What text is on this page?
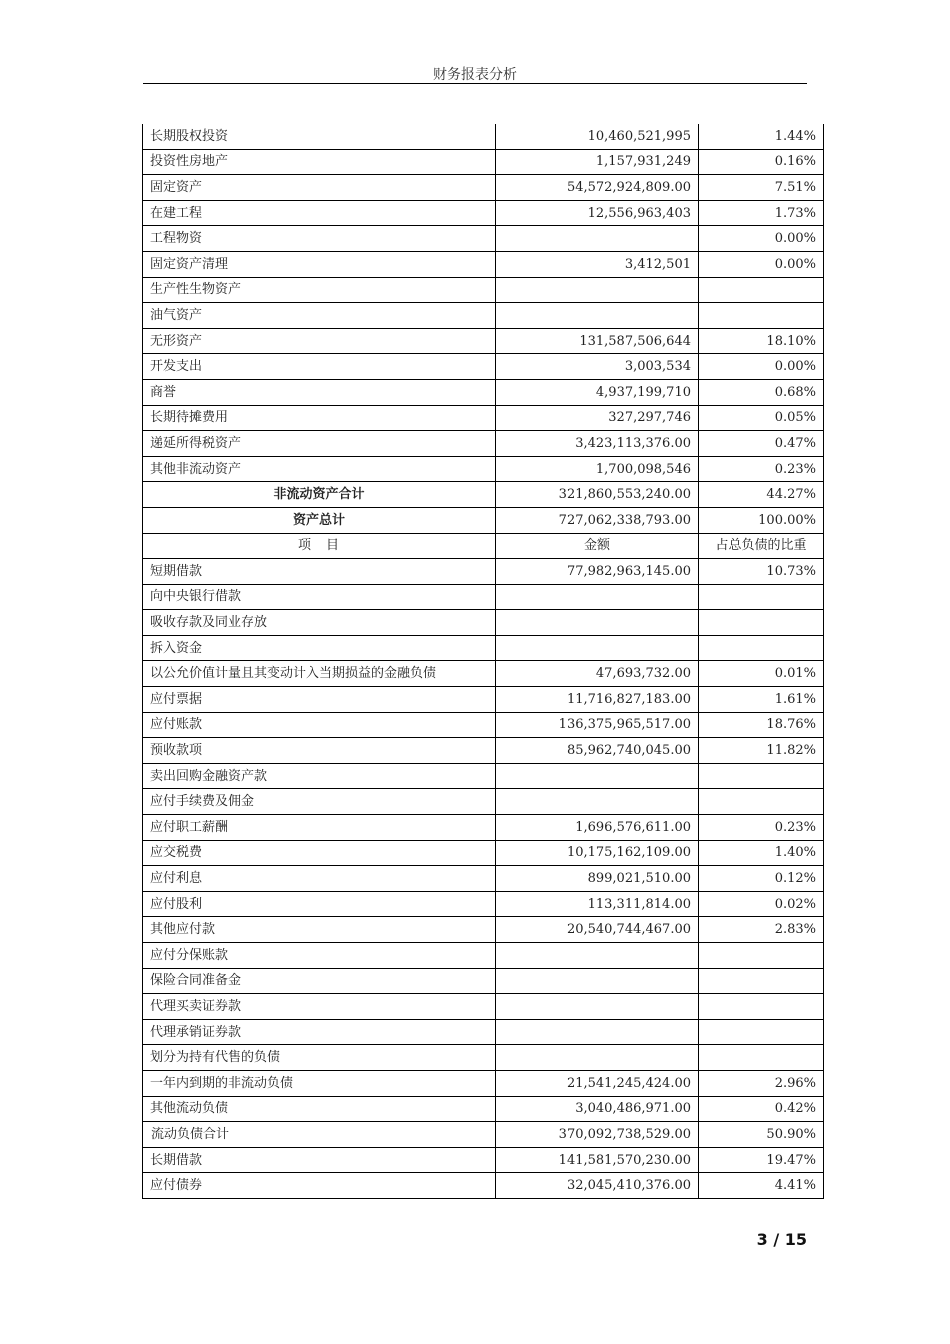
财务报表分析
长期股权投资	10,460,521,995	1.44%
投资性房地产	1,157,931,249	0.16%
固定资产	54,572,924,809.00	7.51%
在建工程	12,556,963,403	1.73%
工程物资		0.00%
固定资产清理	3,412,501	0.00%
生产性生物资产		
油气资产		
无形资产	131,587,506,644	18.10%
开发支出	3,003,534	0.00%
商誉	4,937,199,710	0.68%
长期待摊费用	327,297,746	0.05%
递延所得税资产	3,423,113,376.00	0.47%
其他非流动资产	1,700,098,546	0.23%
非流动资产合计	321,860,553,240.00	44.27%
资产总计	727,062,338,793.00	100.00%
项　目	金额	占总负债的比重
短期借款	77,982,963,145.00	10.73%
向中央银行借款		
吸收存款及同业存放		
拆入资金		
以公允价值计量且其变动计入当期损益的金融负债	47,693,732.00	0.01%
应付票据	11,716,827,183.00	1.61%
应付账款	136,375,965,517.00	18.76%
预收款项	85,962,740,045.00	11.82%
卖出回购金融资产款		
应付手续费及佣金		
应付职工薪酬	1,696,576,611.00	0.23%
应交税费	10,175,162,109.00	1.40%
应付利息	899,021,510.00	0.12%
应付股利	113,311,814.00	0.02%
其他应付款	20,540,744,467.00	2.83%
应付分保账款		
保险合同准备金		
代理买卖证券款		
代理承销证券款		
划分为持有代售的负债		
一年内到期的非流动负债	21,541,245,424.00	2.96%
其他流动负债	3,040,486,971.00	0.42%
流动负债合计	370,092,738,529.00	50.90%
长期借款	141,581,570,230.00	19.47%
应付债券	32,045,410,376.00	4.41%
3 / 15
